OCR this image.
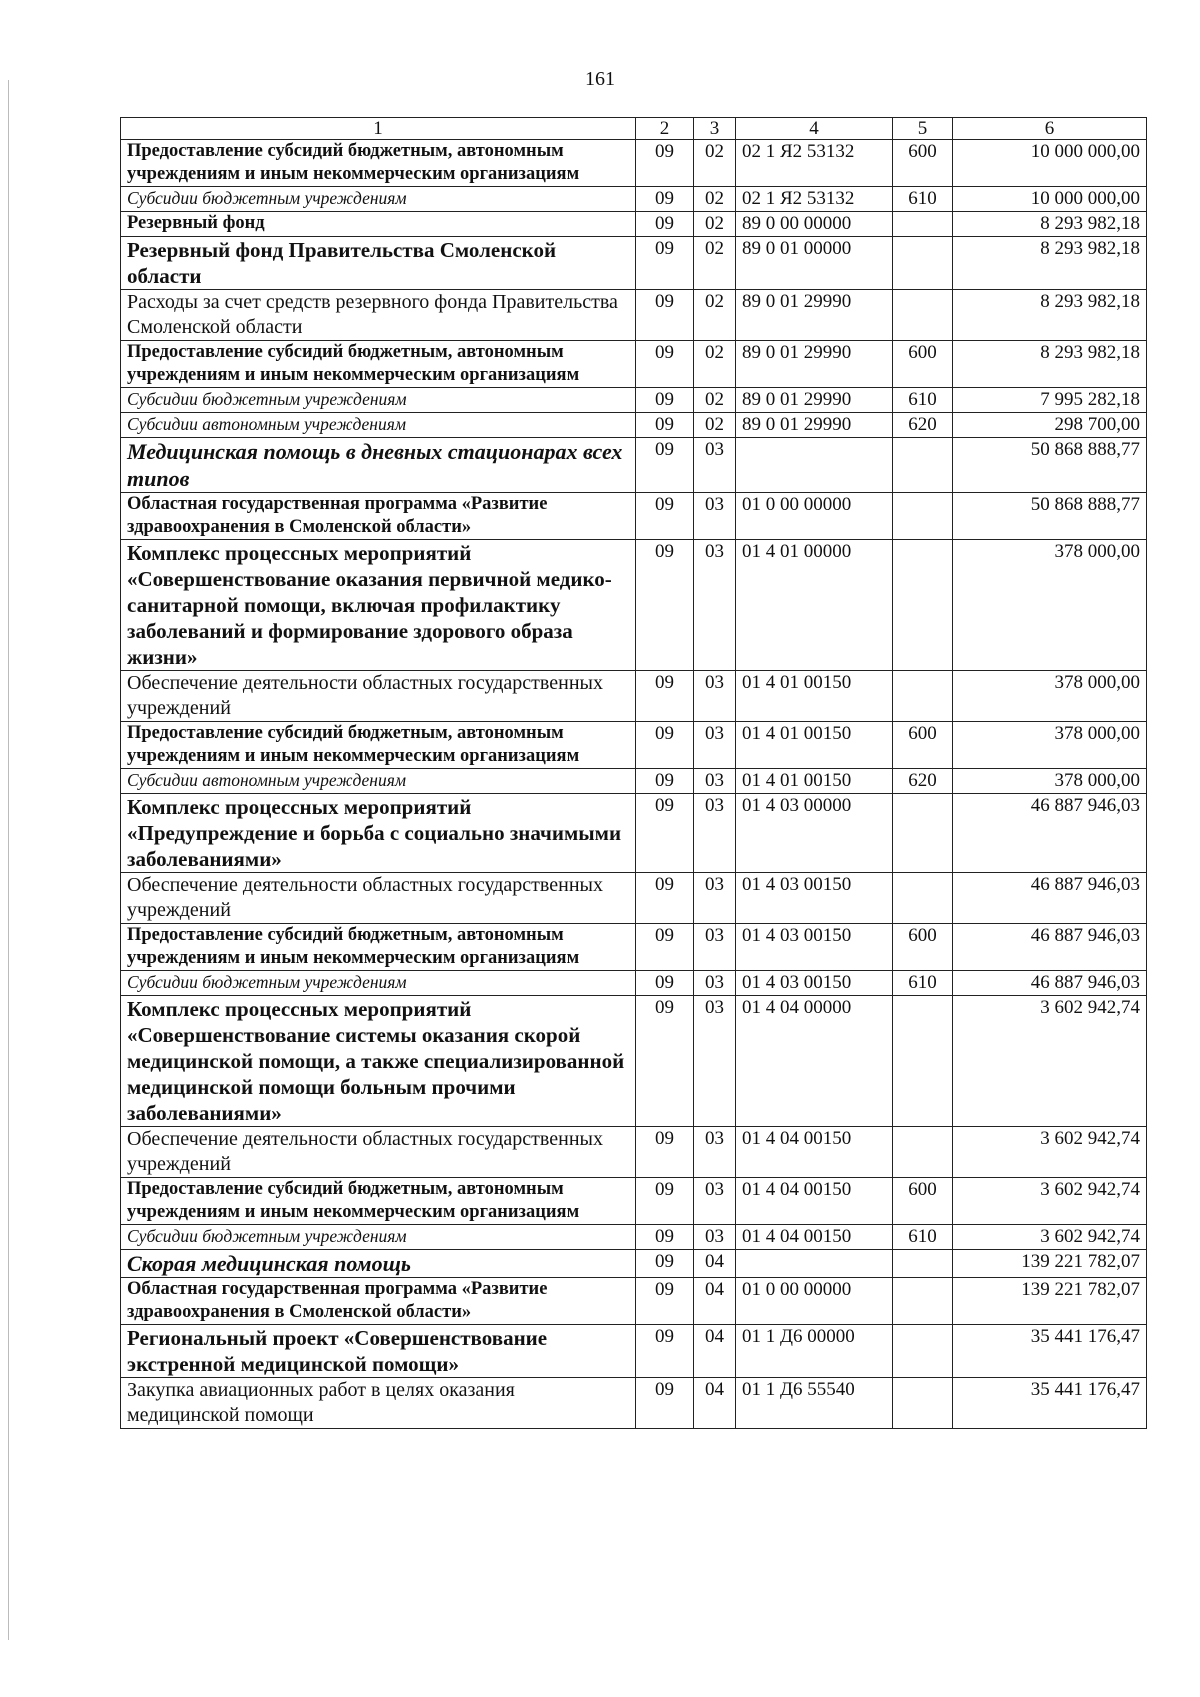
161
1	2	3	4	5	6
Предоставление субсидий бюджетным, автономным учреждениям и иным некоммерческим организациям	09	02	02 1 Я2 53132	600	10 000 000,00
Субсидии бюджетным учреждениям	09	02	02 1 Я2 53132	610	10 000 000,00
Резервный фонд	09	02	89 0 00 00000		8 293 982,18
Резервный фонд Правительства Смоленской области	09	02	89 0 01 00000		8 293 982,18
Расходы за счет средств резервного фонда Правительства Смоленской области	09	02	89 0 01 29990		8 293 982,18
Предоставление субсидий бюджетным, автономным учреждениям и иным некоммерческим организациям	09	02	89 0 01 29990	600	8 293 982,18
Субсидии бюджетным учреждениям	09	02	89 0 01 29990	610	7 995 282,18
Субсидии автономным учреждениям	09	02	89 0 01 29990	620	298 700,00
Медицинская помощь в дневных стационарах всех типов	09	03			50 868 888,77
Областная государственная программа «Развитие здравоохранения в Смоленской области»	09	03	01 0 00 00000		50 868 888,77
Комплекс процессных мероприятий «Совершенствование оказания первичной медико-санитарной помощи, включая профилактику заболеваний и формирование здорового образа жизни»	09	03	01 4 01 00000		378 000,00
Обеспечение деятельности областных государственных учреждений	09	03	01 4 01 00150		378 000,00
Предоставление субсидий бюджетным, автономным учреждениям и иным некоммерческим организациям	09	03	01 4 01 00150	600	378 000,00
Субсидии автономным учреждениям	09	03	01 4 01 00150	620	378 000,00
Комплекс процессных мероприятий «Предупреждение и борьба с социально значимыми заболеваниями»	09	03	01 4 03 00000		46 887 946,03
Обеспечение деятельности областных государственных учреждений	09	03	01 4 03 00150		46 887 946,03
Предоставление субсидий бюджетным, автономным учреждениям и иным некоммерческим организациям	09	03	01 4 03 00150	600	46 887 946,03
Субсидии бюджетным учреждениям	09	03	01 4 03 00150	610	46 887 946,03
Комплекс процессных мероприятий «Совершенствование системы оказания скорой медицинской помощи, а также специализированной медицинской помощи больным прочими заболеваниями»	09	03	01 4 04 00000		3 602 942,74
Обеспечение деятельности областных государственных учреждений	09	03	01 4 04 00150		3 602 942,74
Предоставление субсидий бюджетным, автономным учреждениям и иным некоммерческим организациям	09	03	01 4 04 00150	600	3 602 942,74
Субсидии бюджетным учреждениям	09	03	01 4 04 00150	610	3 602 942,74
Скорая медицинская помощь	09	04			139 221 782,07
Областная государственная программа «Развитие здравоохранения в Смоленской области»	09	04	01 0 00 00000		139 221 782,07
Региональный проект «Совершенствование экстренной медицинской помощи»	09	04	01 1 Д6 00000		35 441 176,47
Закупка авиационных работ в целях оказания медицинской помощи	09	04	01 1 Д6 55540		35 441 176,47
